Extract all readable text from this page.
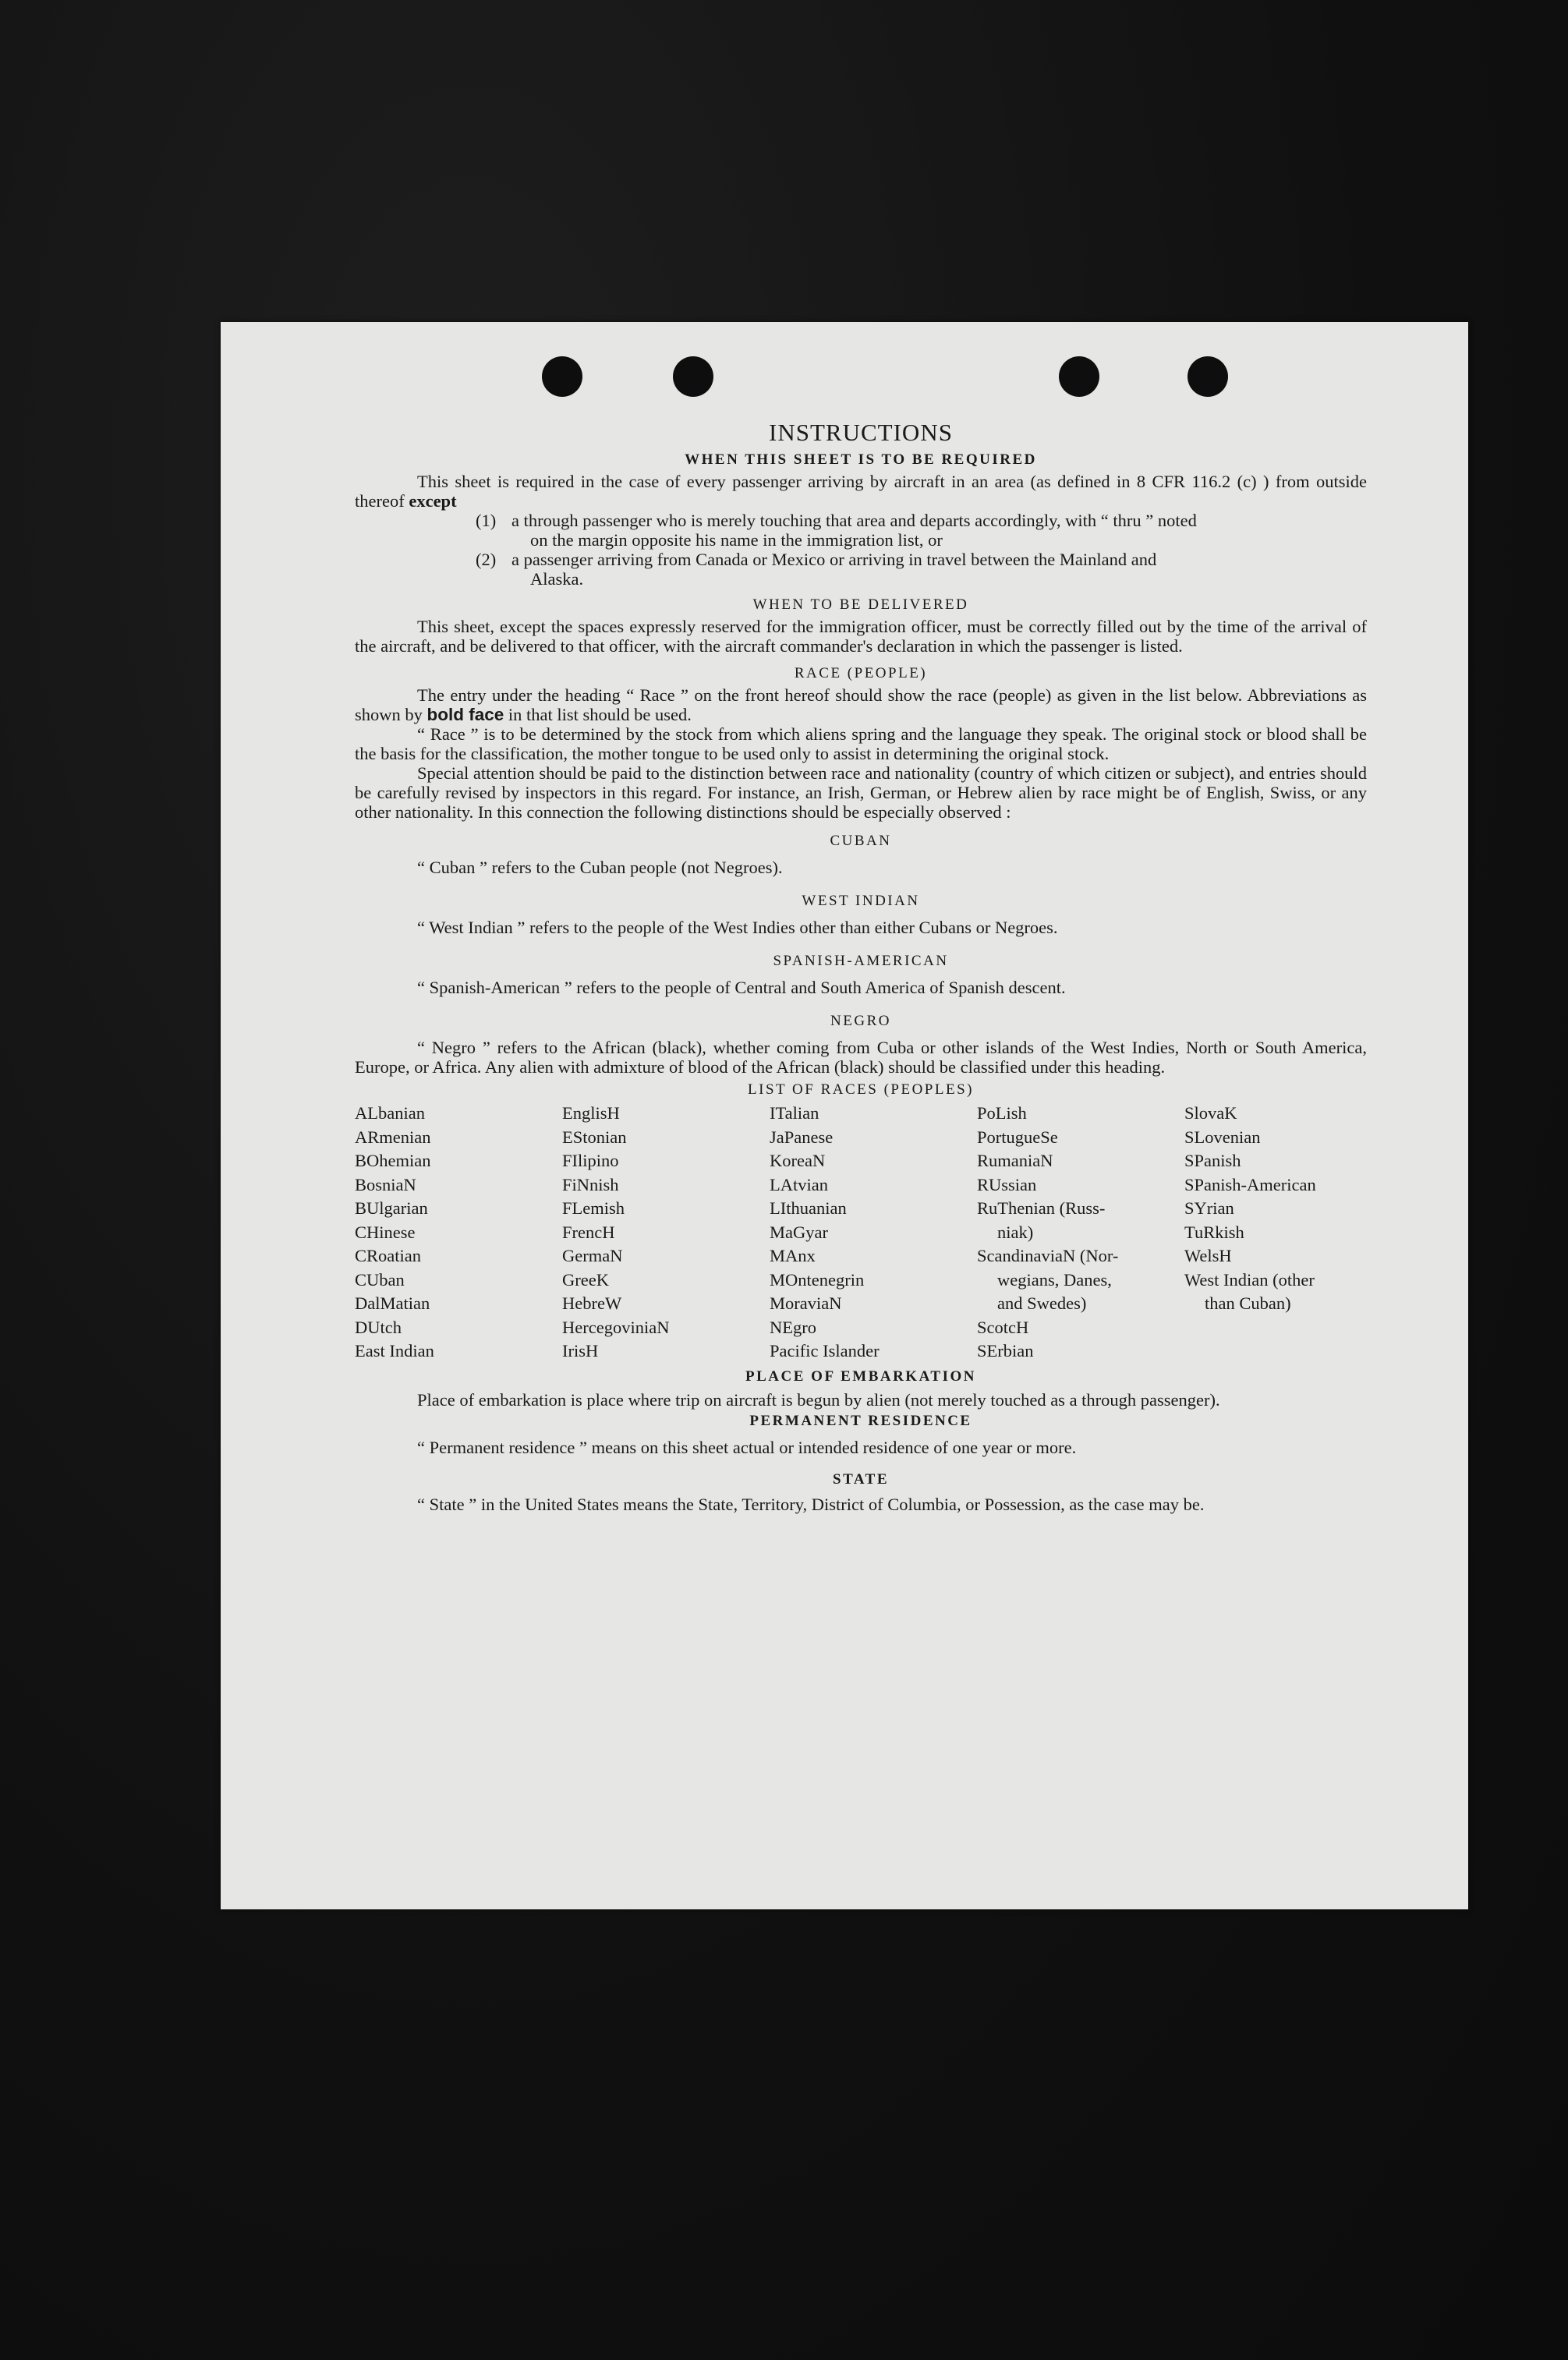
INSTRUCTIONS
WHEN THIS SHEET IS TO BE REQUIRED

This sheet is required in the case of every passenger arriving by aircraft in an area (as defined in 8 CFR 116.2 (c) ) from outside thereof except

(1) a through passenger who is merely touching that area and departs accordingly, with “ thru ” noted
on the margin opposite his name in the immigration list, or
(2) a passenger arriving from Canada or Mexico or arriving in travel between the Mainland and
Alaska.
WHEN TO BE DELIVERED

This sheet, except the spaces expressly reserved for the immigration officer, must be correctly filled out by the time of the arrival of the aircraft, and be delivered to that officer, with the aircraft commander's declaration in which the passenger is listed.

RACE (PEOPLE)

The entry under the heading “ Race ” on the front hereof should show the race (people) as given in the list below. Abbreviations as shown by bold face in that list should be used.

“ Race ” is to be determined by the stock from which aliens spring and the language they speak. The original stock or blood shall be the basis for the classification, the mother tongue to be used only to assist in determining the original stock.

Special attention should be paid to the distinction between race and nationality (country of which citizen or subject), and entries should be carefully revised by inspectors in this regard. For instance, an Irish, German, or Hebrew alien by race might be of English, Swiss, or any other nationality. In this connection the following distinctions should be especially observed :

CUBAN

“ Cuban ” refers to the Cuban people (not Negroes).

WEST INDIAN

“ West Indian ” refers to the people of the West Indies other than either Cubans or Negroes.

SPANISH-AMERICAN

“ Spanish-American ” refers to the people of Central and South America of Spanish descent.

NEGRO

“ Negro ” refers to the African (black), whether coming from Cuba or other islands of the West Indies, North or South America, Europe, or Africa. Any alien with admixture of blood of the African (black) should be classified under this heading.

LIST OF RACES (PEOPLES)
ALbanian
ARmenian
BOhemian
BosniaN
BUlgarian
CHinese
CRoatian
CUban
DalMatian
DUtch
East Indian
EnglisH
EStonian
FIlipino
FiNnish
FLemish
FrencH
GermaN
GreeK
HebreW
HercegovinіaN
IrisH
ITalian
JaPanese
KoreaN
LAtvian
LIthuanian
MaGyar
MAnx
MOntenegrin
MoraviaN
NEgro
Pacific Islander
PoLish
PortugueSe
RumaniaN
RUssian
RuThenian (Russ-
niak)
ScandinaviaN (Nor-
wegians, Danes,
and Swedes)
ScotcH
SErbian
SlovaK
SLovenian
SPanish
SPanish-American
SYrian
TuRkish
WelsH
West Indian (other
than Cuban)
PLACE OF EMBARKATION

Place of embarkation is place where trip on aircraft is begun by alien (not merely touched as a through passenger).

PERMANENT RESIDENCE

“ Permanent residence ” means on this sheet actual or intended residence of one year or more.

STATE

“ State ” in the United States means the State, Territory, District of Columbia, or Possession, as the case may be.
